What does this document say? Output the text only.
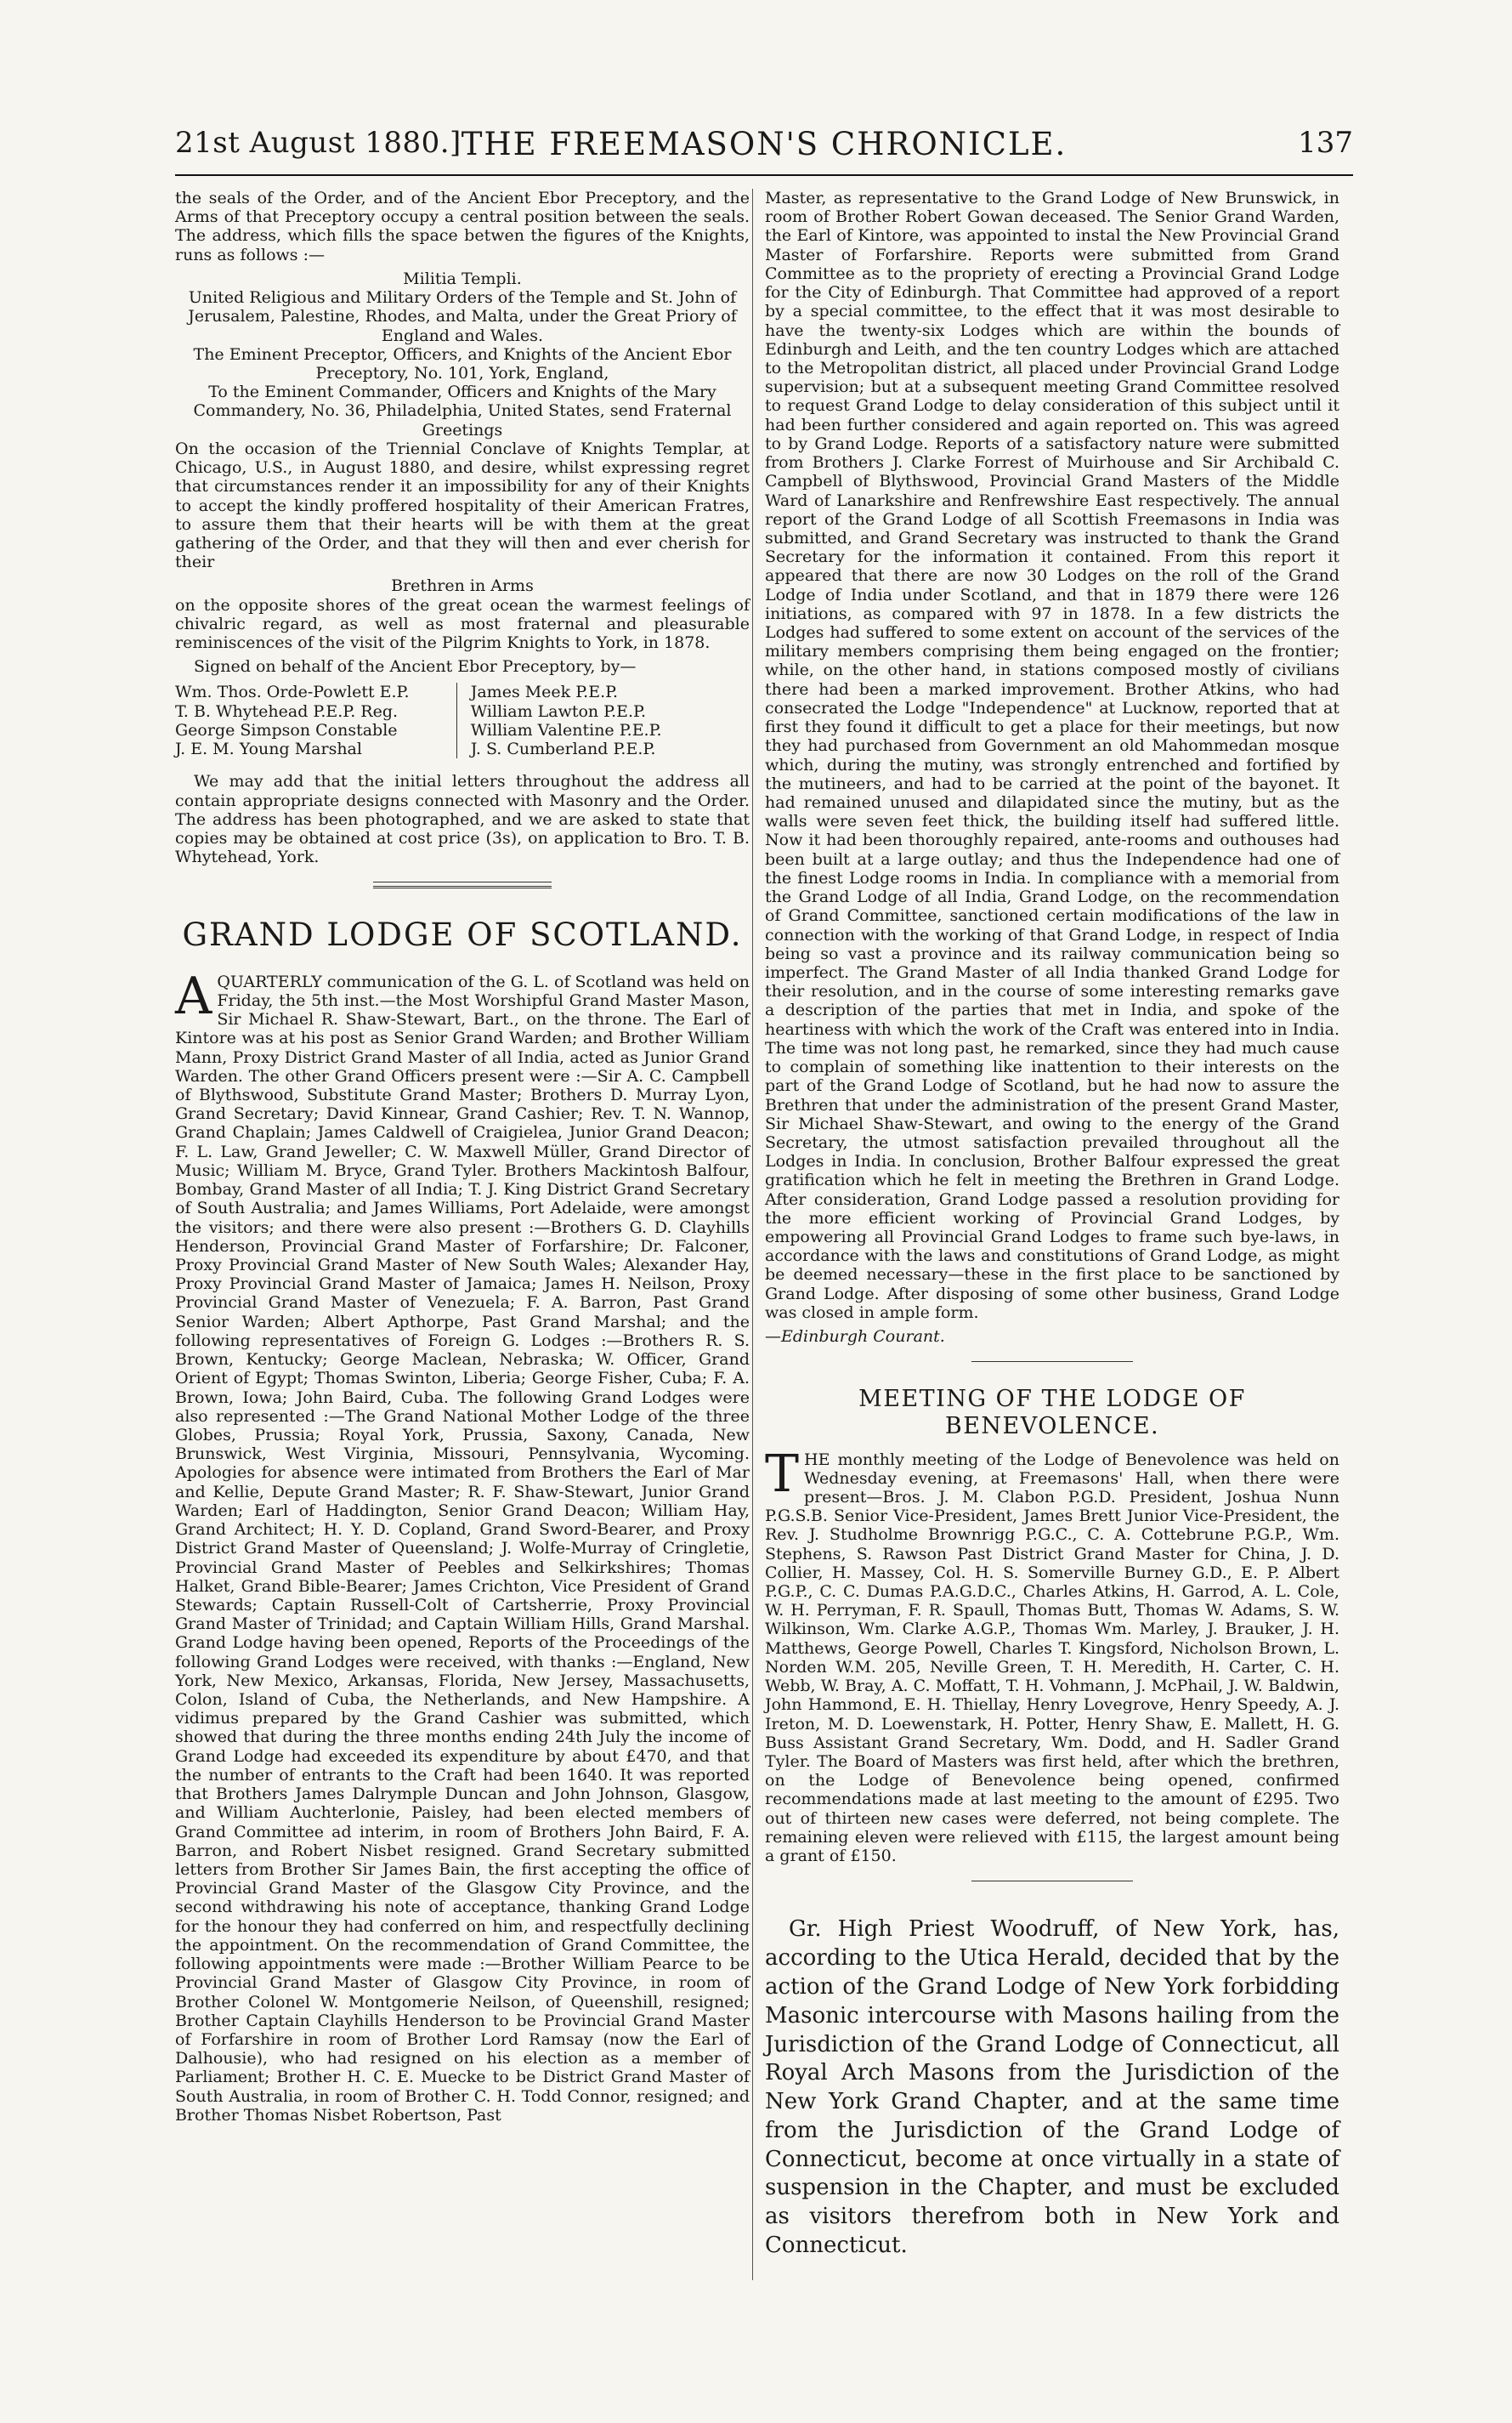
21st August 1880.] THE FREEMASON'S CHRONICLE.	137

the seals of the Order, and of the Ancient Ebor Preceptory, and the Arms of that Preceptory occupy a central position between the seals. The address, which fills the space betwen the figures of the Knights, runs as follows :—

Militia Templi.

United Religious and Military Orders of the Temple and St. John of Jerusalem, Palestine, Rhodes, and Malta, under the Great Priory of England and Wales.

The Eminent Preceptor, Officers, and Knights of the Ancient Ebor Preceptory, No. 101, York, England,

To the Eminent Commander, Officers and Knights of the Mary Commandery, No. 36, Philadelphia, United States, send Fraternal Greetings

On the occasion of the Triennial Conclave of Knights Templar, at Chicago, U.S., in August 1880, and desire, whilst expressing regret that circumstances render it an impossibility for any of their Knights to accept the kindly proffered hospitality of their American Fratres, to assure them that their hearts will be with them at the great gathering of the Order, and that they will then and ever cherish for their

Brethren in Arms

on the opposite shores of the great ocean the warmest feelings of chivalric regard, as well as most fraternal and pleasurable reminiscences of the visit of the Pilgrim Knights to York, in 1878.

Signed on behalf of the Ancient Ebor Preceptory, by—

Wm. Thos. Orde-Powlett E.P.	James Meek P.E.P.
T. B. Whytehead P.E.P. Reg.	William Lawton P.E.P.
George Simpson Constable	William Valentine P.E.P.
J. E. M. Young Marshal	J. S. Cumberland P.E.P.

We may add that the initial letters throughout the address all contain appropriate designs connected with Masonry and the Order. The address has been photographed, and we are asked to state that copies may be obtained at cost price (3s), on application to Bro. T. B. Whytehead, York.

GRAND LODGE OF SCOTLAND.

A QUARTERLY communication of the G. L. of Scotland was held on Friday, the 5th inst.—the Most Worshipful Grand Master Mason, Sir Michael R. Shaw-Stewart, Bart., on the throne. The Earl of Kintore was at his post as Senior Grand Warden; and Brother William Mann, Proxy District Grand Master of all India, acted as Junior Grand Warden. The other Grand Officers present were :—Sir A. C. Campbell of Blythswood, Substitute Grand Master; Brothers D. Murray Lyon, Grand Secretary; David Kinnear, Grand Cashier; Rev. T. N. Wannop, Grand Chaplain; James Caldwell of Craigielea, Junior Grand Deacon; F. L. Law, Grand Jeweller; C. W. Maxwell Müller, Grand Director of Music; William M. Bryce, Grand Tyler. Brothers Mackintosh Balfour, Bombay, Grand Master of all India; T. J. King District Grand Secretary of South Australia; and James Williams, Port Adelaide, were amongst the visitors; and there were also present :—Brothers G. D. Clayhills Henderson, Provincial Grand Master of Forfarshire; Dr. Falconer, Proxy Provincial Grand Master of New South Wales; Alexander Hay, Proxy Provincial Grand Master of Jamaica; James H. Neilson, Proxy Provincial Grand Master of Venezuela; F. A. Barron, Past Grand Senior Warden; Albert Apthorpe, Past Grand Marshal; and the following representatives of Foreign G. Lodges :—Brothers R. S. Brown, Kentucky; George Maclean, Nebraska; W. Officer, Grand Orient of Egypt; Thomas Swinton, Liberia; George Fisher, Cuba; F. A. Brown, Iowa; John Baird, Cuba. The following Grand Lodges were also represented :—The Grand National Mother Lodge of the three Globes, Prussia; Royal York, Prussia, Saxony, Canada, New Brunswick, West Virginia, Missouri, Pennsylvania, Wycoming. Apologies for absence were intimated from Brothers the Earl of Mar and Kellie, Depute Grand Master; R. F. Shaw-Stewart, Junior Grand Warden; Earl of Haddington, Senior Grand Deacon; William Hay, Grand Architect; H. Y. D. Copland, Grand Sword-Bearer, and Proxy District Grand Master of Queensland; J. Wolfe-Murray of Cringletie, Provincial Grand Master of Peebles and Selkirkshires; Thomas Halket, Grand Bible-Bearer; James Crichton, Vice President of Grand Stewards; Captain Russell-Colt of Cartsherrie, Proxy Provincial Grand Master of Trinidad; and Captain William Hills, Grand Marshal. Grand Lodge having been opened, Reports of the Proceedings of the following Grand Lodges were received, with thanks :—England, New York, New Mexico, Arkansas, Florida, New Jersey, Massachusetts, Colon, Island of Cuba, the Netherlands, and New Hampshire. A vidimus prepared by the Grand Cashier was submitted, which showed that during the three months ending 24th July the income of Grand Lodge had exceeded its expenditure by about £470, and that the number of entrants to the Craft had been 1640. It was reported that Brothers James Dalrymple Duncan and John Johnson, Glasgow, and William Auchterlonie, Paisley, had been elected members of Grand Committee ad interim, in room of Brothers John Baird, F. A. Barron, and Robert Nisbet resigned. Grand Secretary submitted letters from Brother Sir James Bain, the first accepting the office of Provincial Grand Master of the Glasgow City Province, and the second withdrawing his note of acceptance, thanking Grand Lodge for the honour they had conferred on him, and respectfully declining the appointment. On the recommendation of Grand Committee, the following appointments were made :—Brother William Pearce to be Provincial Grand Master of Glasgow City Province, in room of Brother Colonel W. Montgomerie Neilson, of Queenshill, resigned; Brother Captain Clayhills Henderson to be Provincial Grand Master of Forfarshire in room of Brother Lord Ramsay (now the Earl of Dalhousie), who had resigned on his election as a member of Parliament; Brother H. C. E. Muecke to be District Grand Master of South Australia, in room of Brother C. H. Todd Connor, resigned; and Brother Thomas Nisbet Robertson, Past

Master, as representative to the Grand Lodge of New Brunswick, in room of Brother Robert Gowan deceased. The Senior Grand Warden, the Earl of Kintore, was appointed to instal the New Provincial Grand Master of Forfarshire. Reports were submitted from Grand Committee as to the propriety of erecting a Provincial Grand Lodge for the City of Edinburgh. That Committee had approved of a report by a special committee, to the effect that it was most desirable to have the twenty-six Lodges which are within the bounds of Edinburgh and Leith, and the ten country Lodges which are attached to the Metropolitan district, all placed under Provincial Grand Lodge supervision; but at a subsequent meeting Grand Committee resolved to request Grand Lodge to delay consideration of this subject until it had been further considered and again reported on. This was agreed to by Grand Lodge. Reports of a satisfactory nature were submitted from Brothers J. Clarke Forrest of Muirhouse and Sir Archibald C. Campbell of Blythswood, Provincial Grand Masters of the Middle Ward of Lanarkshire and Renfrewshire East respectively. The annual report of the Grand Lodge of all Scottish Freemasons in India was submitted, and Grand Secretary was instructed to thank the Grand Secretary for the information it contained. From this report it appeared that there are now 30 Lodges on the roll of the Grand Lodge of India under Scotland, and that in 1879 there were 126 initiations, as compared with 97 in 1878. In a few districts the Lodges had suffered to some extent on account of the services of the military members comprising them being engaged on the frontier; while, on the other hand, in stations composed mostly of civilians there had been a marked improvement. Brother Atkins, who had consecrated the Lodge "Independence" at Lucknow, reported that at first they found it difficult to get a place for their meetings, but now they had purchased from Government an old Mahommedan mosque which, during the mutiny, was strongly entrenched and fortified by the mutineers, and had to be carried at the point of the bayonet. It had remained unused and dilapidated since the mutiny, but as the walls were seven feet thick, the building itself had suffered little. Now it had been thoroughly repaired, ante-rooms and outhouses had been built at a large outlay; and thus the Independence had one of the finest Lodge rooms in India. In compliance with a memorial from the Grand Lodge of all India, Grand Lodge, on the recommendation of Grand Committee, sanctioned certain modifications of the law in connection with the working of that Grand Lodge, in respect of India being so vast a province and its railway communication being so imperfect. The Grand Master of all India thanked Grand Lodge for their resolution, and in the course of some interesting remarks gave a description of the parties that met in India, and spoke of the heartiness with which the work of the Craft was entered into in India. The time was not long past, he remarked, since they had much cause to complain of something like inattention to their interests on the part of the Grand Lodge of Scotland, but he had now to assure the Brethren that under the administration of the present Grand Master, Sir Michael Shaw-Stewart, and owing to the energy of the Grand Secretary, the utmost satisfaction prevailed throughout all the Lodges in India. In conclusion, Brother Balfour expressed the great gratification which he felt in meeting the Brethren in Grand Lodge. After consideration, Grand Lodge passed a resolution providing for the more efficient working of Provincial Grand Lodges, by empowering all Provincial Grand Lodges to frame such bye-laws, in accordance with the laws and constitutions of Grand Lodge, as might be deemed necessary—these in the first place to be sanctioned by Grand Lodge. After disposing of some other business, Grand Lodge was closed in ample form.

—Edinburgh Courant.

MEETING OF THE LODGE OF BENEVOLENCE.

T HE monthly meeting of the Lodge of Benevolence was held on Wednesday evening, at Freemasons' Hall, when there were present—Bros. J. M. Clabon P.G.D. President, Joshua Nunn P.G.S.B. Senior Vice-President, James Brett Junior Vice-President, the Rev. J. Studholme Brownrigg P.G.C., C. A. Cottebrune P.G.P., Wm. Stephens, S. Rawson Past District Grand Master for China, J. D. Collier, H. Massey, Col. H. S. Somerville Burney G.D., E. P. Albert P.G.P., C. C. Dumas P.A.G.D.C., Charles Atkins, H. Garrod, A. L. Cole, W. H. Perryman, F. R. Spaull, Thomas Butt, Thomas W. Adams, S. W. Wilkinson, Wm. Clarke A.G.P., Thomas Wm. Marley, J. Brauker, J. H. Matthews, George Powell, Charles T. Kingsford, Nicholson Brown, L. Norden W.M. 205, Neville Green, T. H. Meredith, H. Carter, C. H. Webb, W. Bray, A. C. Moffatt, T. H. Vohmann, J. McPhail, J. W. Baldwin, John Hammond, E. H. Thiellay, Henry Lovegrove, Henry Speedy, A. J. Ireton, M. D. Loewenstark, H. Potter, Henry Shaw, E. Mallett, H. G. Buss Assistant Grand Secretary, Wm. Dodd, and H. Sadler Grand Tyler. The Board of Masters was first held, after which the brethren, on the Lodge of Benevolence being opened, confirmed recommendations made at last meeting to the amount of £295. Two out of thirteen new cases were deferred, not being complete. The remaining eleven were relieved with £115, the largest amount being a grant of £150.

Gr. High Priest Woodruff, of New York, has, according to the Utica Herald, decided that by the action of the Grand Lodge of New York forbidding Masonic intercourse with Masons hailing from the Jurisdiction of the Grand Lodge of Connecticut, all Royal Arch Masons from the Jurisdiction of the New York Grand Chapter, and at the same time from the Jurisdiction of the Grand Lodge of Connecticut, become at once virtually in a state of suspension in the Chapter, and must be excluded as visitors therefrom both in New York and Connecticut.
